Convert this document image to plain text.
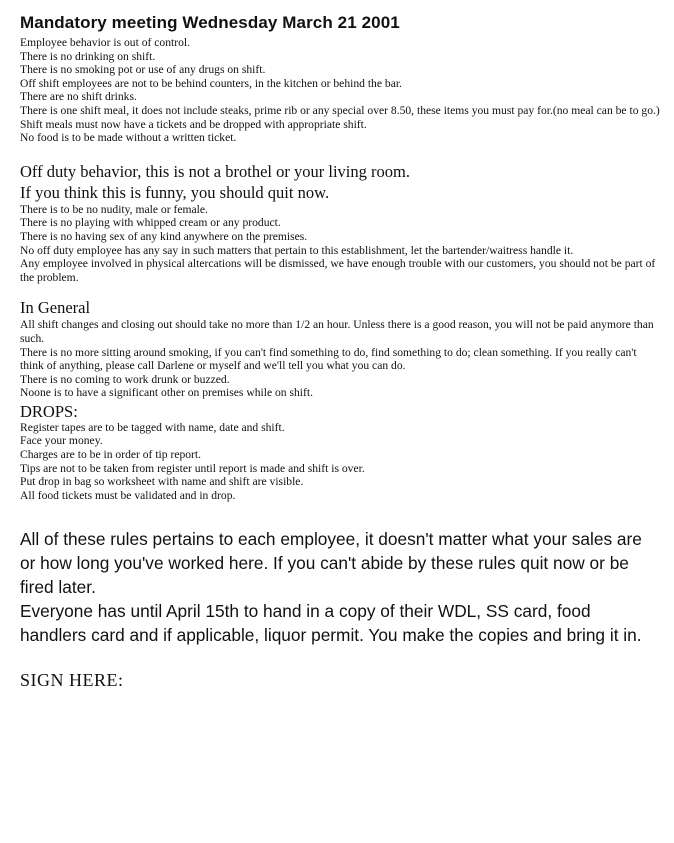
Mandatory meeting Wednesday March 21 2001

Employee behavior is out of control.

There is no drinking on shift.

There is no smoking pot or use of any drugs on shift.

Off shift employees are not to be behind counters, in the kitchen or behind the bar.

There are no shift drinks.

There is one shift meal, it does not include steaks, prime rib or any special over 8.50, these items you must pay for.(no meal can be to go.)

Shift meals must now have a tickets and be dropped with appropriate shift.

No food is to be made without a written ticket.

Off duty behavior, this is not a brothel or your living room.
If you think this is funny, you should quit now.

There is to be no nudity, male or female.

There is no playing with whipped cream or any product.

There is no having sex of any kind anywhere on the premises.

No off duty employee has any say in such matters that pertain to this establishment, let the bartender/waitress handle it.

Any employee involved in physical altercations will be dismissed, we have enough trouble with our customers, you should not be part of the problem.

In General

All shift changes and closing out should take no more than 1/2 an hour. Unless there is a good reason, you will not be paid anymore than such.

There is no more sitting around smoking, if you can't find something to do, find something to do; clean something. If you really can't think of anything, please call Darlene or myself and we'll tell you what you can do.

There is no coming to work drunk or buzzed.

Noone is to have a significant other on premises while on shift.

DROPS:

Register tapes are to be tagged with name, date and shift.

Face your money.

Charges are to be in order of tip report.

Tips are not to be taken from register until report is made and shift is over.

Put drop in bag so worksheet with name and shift are visible.

All food tickets must be validated and in drop.

All of these rules pertains to each employee, it doesn't matter what your sales are or how long you've worked here. If you can't abide by these rules quit now or be fired later.

Everyone has until April 15th to hand in a copy of their WDL, SS card, food handlers card and if applicable, liquor permit. You make the copies and bring it in.

SIGN HERE:
